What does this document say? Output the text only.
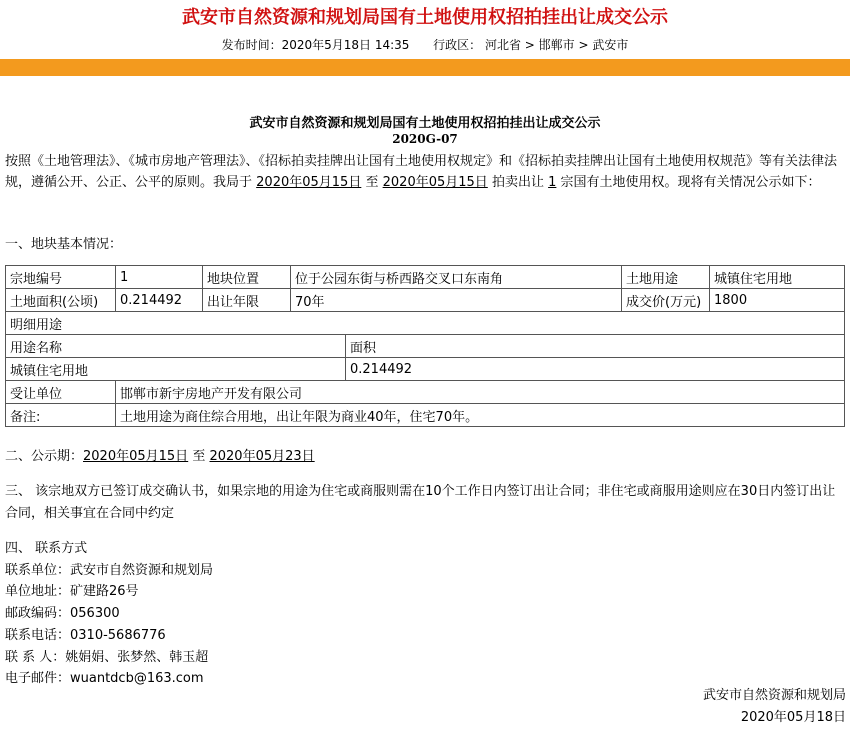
武安市自然资源和规划局国有土地使用权招拍挂出让成交公示
发布时间：2020年5月18日 14:35 行政区： 河北省 > 邯郸市 > 武安市
武安市自然资源和规划局国有土地使用权招拍挂出让成交公示
2020G-07
按照《土地管理法》、《城市房地产管理法》、《招标拍卖挂牌出让国有土地使用权规定》和《招标拍卖挂牌出让国有土地使用权规范》等有关法律法规，遵循公开、公正、公平的原则。我局于 2020年05月15日 至 2020年05月15日 拍卖出让 1 宗国有土地使用权。现将有关情况公示如下：
一、地块基本情况：
宗地编号	1	地块位置	位于公园东街与桥西路交叉口东南角		土地用途	城镇住宅用地
土地面积(公顷)	0.214492	出让年限	70年		成交价(万元)	1800
明细用途						
用途名称				面积		
城镇住宅用地				0.214492		
受让单位	邯郸市新宇房地产开发有限公司					
备注:	土地用途为商住综合用地，出让年限为商业40年，住宅70年。					
二、公示期：2020年05月15日 至 2020年05月23日
三、 该宗地双方已签订成交确认书，如果宗地的用途为住宅或商服则需在10个工作日内签订出让合同；非住宅或商服用途则应在30日内签订出让合同，相关事宜在合同中约定
四、 联系方式
联系单位：武安市自然资源和规划局
单位地址：矿建路26号
邮政编码：056300
联系电话：0310-5686776
联 系 人：姚娟娟、张梦然、韩玉超
电子邮件：wuantdcb@163.com
武安市自然资源和规划局
2020年05月18日
